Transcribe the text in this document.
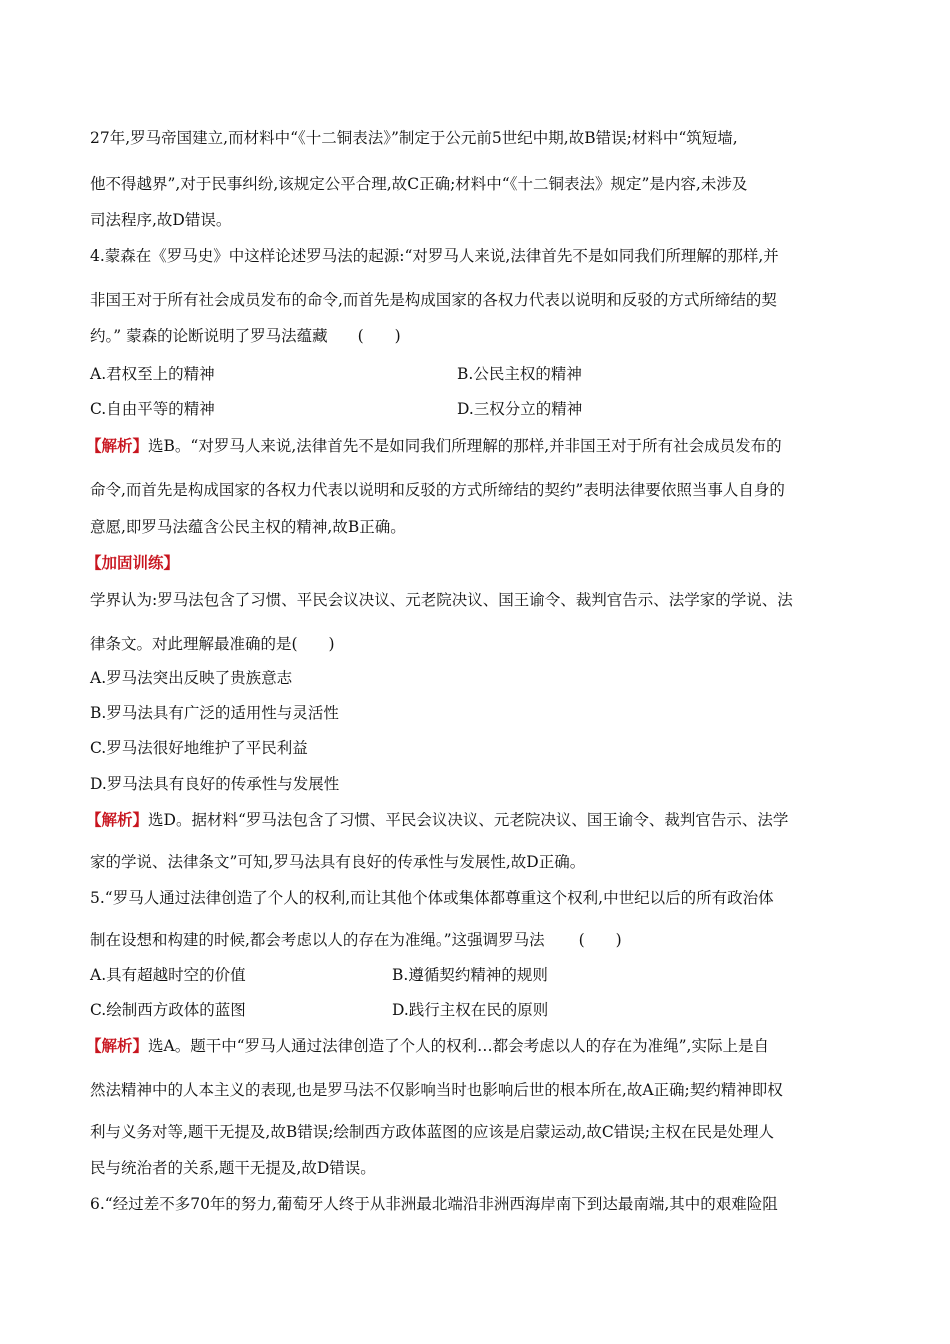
27年,罗马帝国建立,而材料中“《十二铜表法》”制定于公元前5世纪中期,故B错误;材料中“筑短墙,
他不得越界”,对于民事纠纷,该规定公平合理,故C正确;材料中“《十二铜表法》规定”是内容,未涉及
司法程序,故D错误。
4.蒙森在《罗马史》中这样论述罗马法的起源:“对罗马人来说,法律首先不是如同我们所理解的那样,并
非国王对于所有社会成员发布的命令,而首先是构成国家的各权力代表以说明和反驳的方式所缔结的契
约。” 蒙森的论断说明了罗马法蕴藏 (　　)
A.君权至上的精神	B.公民主权的精神
C.自由平等的精神	D.三权分立的精神
【解析】选B。“对罗马人来说,法律首先不是如同我们所理解的那样,并非国王对于所有社会成员发布的
命令,而首先是构成国家的各权力代表以说明和反驳的方式所缔结的契约”表明法律要依照当事人自身的
意愿,即罗马法蕴含公民主权的精神,故B正确。
【加固训练】
学界认为:罗马法包含了习惯、平民会议决议、元老院决议、国王谕令、裁判官告示、法学家的学说、法
律条文。对此理解最准确的是(　　)
A.罗马法突出反映了贵族意志
B.罗马法具有广泛的适用性与灵活性
C.罗马法很好地维护了平民利益
D.罗马法具有良好的传承性与发展性
【解析】选D。据材料“罗马法包含了习惯、平民会议决议、元老院决议、国王谕令、裁判官告示、法学
家的学说、法律条文”可知,罗马法具有良好的传承性与发展性,故D正确。
5.“罗马人通过法律创造了个人的权利,而让其他个体或集体都尊重这个权利,中世纪以后的所有政治体
制在设想和构建的时候,都会考虑以人的存在为准绳。”这强调罗马法 (　　)
A.具有超越时空的价值	B.遵循契约精神的规则
C.绘制西方政体的蓝图	D.践行主权在民的原则
【解析】选A。题干中“罗马人通过法律创造了个人的权利…都会考虑以人的存在为准绳”,实际上是自
然法精神中的人本主义的表现,也是罗马法不仅影响当时也影响后世的根本所在,故A正确;契约精神即权
利与义务对等,题干无提及,故B错误;绘制西方政体蓝图的应该是启蒙运动,故C错误;主权在民是处理人
民与统治者的关系,题干无提及,故D错误。
6.“经过差不多70年的努力,葡萄牙人终于从非洲最北端沿非洲西海岸南下到达最南端,其中的艰难险阻
